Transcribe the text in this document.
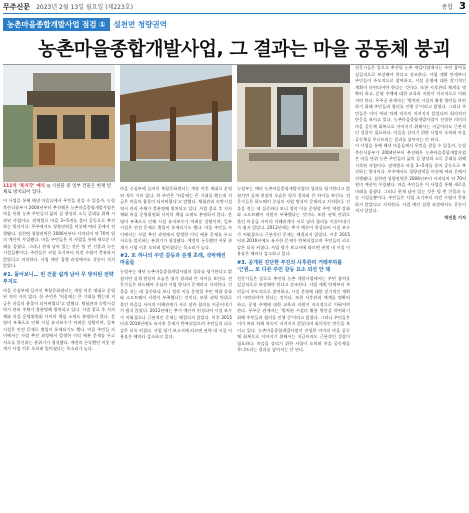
무주신문 2023년 2월 13일 월요일 (제223호)	종합 3
농촌마을종합개발사업 점검 ①	설천면 청량권역
농촌마을종합개발사업, 그 결과는 마을 공동체 붕괴
111억 ‘복지각’ 예식 ◎ 시설물 중 일부 건물은 현재 빈 채로 방치되어 있다.
이 사업을 통해 해낸 마을들에서 무엇을 찾을 수 있을까. 농림축산식품부가 2004년부터 추진해온 농촌마을종합개발사업은 마을 단위 농촌 주민들의 삶의 질 향상과 소득 증대를 위해 시작된 사업이다. 권역별로 마을 3~5개를 묶어 공동으로 추진하는 방식이다. 무주에서도 청량권역을 비롯해 여러 곳에서 진행됐다. 설천면 청량권역은 2006년부터 시작되어 약 70억 원의 예산이 투입됐다. 마을 주민들은 이 사업을 통해 새로운 미래를 꿈꿨다. 그러나 현재 남아 있는 것은 텅 빈 건물과 녹슨 시설들뿐이다. 주민들은 사업 초기부터 의견 수렴이 충분하지 않았다고 지적한다. 사업 예산 집행 과정에서도 갈등이 적지 않았다.
#1. 돌아보니… 빈 건물 쉽게 남아 무 방치된 전략 부지도
마을 중심부에 들어선 복합문화센터는 개장 이후 제대로 운영된 적이 거의 없다. 한 주민은 '처음에는 큰 기대를 했는데 지금은 마을의 흉물이 되어버렸다'고 말했다. 체험관과 숙박시설 역시 관리 주체가 불분명해 방치되고 있다. 사업 종료 후 지자체와 마을 운영위원회 사이의 책임 소재도 분명하지 않다. 운영비 부족으로 인해 시설 유지보수가 어려운 상황이며, 일부 시설은 안전 문제로 출입이 통제되기도 했다. 마을 주민들 사이에서는 사업 추진 과정에서 발생한 이익 배분 문제를 두고 서로를 불신하는 분위기가 형성됐다. 예전의 돈독했던 이웃 관계가 사업 이후 오히려 멀어졌다는 목소리가 높다.
마을 중심부에 들어선 복합문화센터는 개장 이후 제대로 운영된 적이 거의 없다. 한 주민은 '처음에는 큰 기대를 했는데 지금은 마을의 흉물이 되어버렸다'고 말했다. 체험관과 숙박시설 역시 관리 주체가 불분명해 방치되고 있다. 사업 종료 후 지자체와 마을 운영위원회 사이의 책임 소재도 분명하지 않다. 운영비 부족으로 인해 시설 유지보수가 어려운 상황이며, 일부 시설은 안전 문제로 출입이 통제되기도 했다. 마을 주민들 사이에서는 사업 추진 과정에서 발생한 이익 배분 문제를 두고 서로를 불신하는 분위기가 형성됐다. 예전의 돈독했던 이웃 관계가 사업 이후 오히려 멀어졌다는 목소리가 높다.
#2. 또 하나의 주민 갈등과 분쟁 초래, 삭막해진 마을들
농림부는 매년 농촌마을종합개발사업의 성과를 평가한다고 밝혔지만 실제 현장의 모습은 평가 결과와 큰 차이를 보인다. 전문가들은 하드웨어 중심의 사업 방식이 문제라고 지적한다. 건물을 짓는 데 집중하다 보니 정작 이를 운영할 주민 역량 강화와 소프트웨어 지원이 부족했다는 것이다. 또한 권역 단위로 묶인 마을들 사이의 이해관계가 서로 달라 합의를 이끌어내기가 쉽지 않았다. 2012년에는 추가 예산이 편성되어 시설 보수가 이뤄졌으나 근본적인 문제는 해결되지 않았다. 이후 2015년과 2016년에도 유사한 문제가 반복되었으며 주민들의 피로감은 더욱 커졌다. 사업 평가 보고서에 따르면 권역 내 시설 이용률은 해마다 감소하고 있다.
농림부는 매년 농촌마을종합개발사업의 성과를 평가한다고 밝혔지만 실제 현장의 모습은 평가 결과와 큰 차이를 보인다. 전문가들은 하드웨어 중심의 사업 방식이 문제라고 지적한다. 건물을 짓는 데 집중하다 보니 정작 이를 운영할 주민 역량 강화와 소프트웨어 지원이 부족했다는 것이다. 또한 권역 단위로 묶인 마을들 사이의 이해관계가 서로 달라 합의를 이끌어내기가 쉽지 않았다. 2012년에는 추가 예산이 편성되어 시설 보수가 이뤄졌으나 근본적인 문제는 해결되지 않았다. 이후 2015년과 2016년에도 유사한 문제가 반복되었으며 주민들의 피로감은 더욱 커졌다. 사업 평가 보고서에 따르면 권역 내 시설 이용률은 해마다 감소하고 있다.
#3. 공개된 진단한 부진의 사후관리 거래부하를 ‘근원… 또 다른 주민 갈등 요소 되선 안 돼
전문가들은 앞으로 추진될 농촌 개발사업에서는 주민 참여를 실질적으로 보장해야 한다고 강조한다. 사업 계획 단계부터 주민들이 주도적으로 참여하고, 시설 운영에 대한 장기적인 계획이 마련되어야 한다는 것이다. 또한 사후관리 체계를 명확히 하고, 운영 주체에 대한 교육과 지원이 지속적으로 이뤄져야 한다. 무주군 관계자는 '방치된 시설의 활용 방안을 마련하기 위해 주민들과 협의를 진행 중'이라고 밝혔다. 그러나 주민들은 이미 여러 차례 약속이 지켜지지 않았다며 회의적인 반응을 보이고 있다. 농촌마을종합개발사업이 진정한 의미의 마을 공동체 회복으로 이어지기 위해서는 지금이라도 근본적인 성찰이 필요하다. 마을을 살리기 위한 사업이 오히려 마을 공동체를 무너뜨리는 결과를 낳아서는 안 된다.
전문가들은 앞으로 추진될 농촌 개발사업에서는 주민 참여를 실질적으로 보장해야 한다고 강조한다. 사업 계획 단계부터 주민들이 주도적으로 참여하고, 시설 운영에 대한 장기적인 계획이 마련되어야 한다는 것이다. 또한 사후관리 체계를 명확히 하고, 운영 주체에 대한 교육과 지원이 지속적으로 이뤄져야 한다. 무주군 관계자는 '방치된 시설의 활용 방안을 마련하기 위해 주민들과 협의를 진행 중'이라고 밝혔다. 그러나 주민들은 이미 여러 차례 약속이 지켜지지 않았다며 회의적인 반응을 보이고 있다. 농촌마을종합개발사업이 진정한 의미의 마을 공동체 회복으로 이어지기 위해서는 지금이라도 근본적인 성찰이 필요하다. 마을을 살리기 위한 사업이 오히려 마을 공동체를 무너뜨리는 결과를 낳아서는 안 된다.
이 사업을 통해 해낸 마을들에서 무엇을 찾을 수 있을까. 농림축산식품부가 2004년부터 추진해온 농촌마을종합개발사업은 마을 단위 농촌 주민들의 삶의 질 향상과 소득 증대를 위해 시작된 사업이다. 권역별로 마을 3~5개를 묶어 공동으로 추진하는 방식이다. 무주에서도 청량권역을 비롯해 여러 곳에서 진행됐다. 설천면 청량권역은 2006년부터 시작되어 약 70억 원의 예산이 투입됐다. 마을 주민들은 이 사업을 통해 새로운 미래를 꿈꿨다. 그러나 현재 남아 있는 것은 텅 빈 건물과 녹슨 시설들뿐이다. 주민들은 사업 초기부터 의견 수렴이 충분하지 않았다고 지적한다. 사업 예산 집행 과정에서도 갈등이 적지 않았다.
박진훈 기자
